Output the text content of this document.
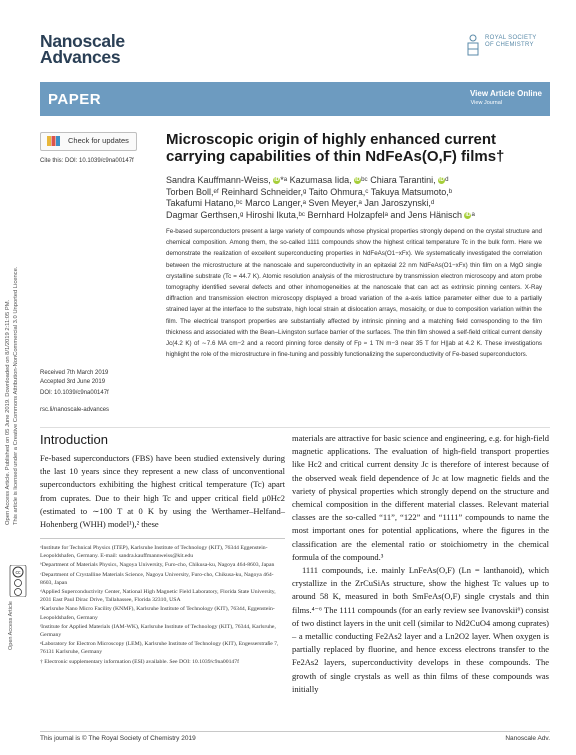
Nanoscale
Advances
ROYAL SOCIETY
OF CHEMISTRY
PAPER	View Article Online
View Journal
Check for updates
Cite this: DOI: 10.1039/c9na00147f
Microscopic origin of highly enhanced current carrying capabilities of thin NdFeAs(O,F) films†
Sandra Kauffmann-Weiss, iD*ᵃ Kazumasa Iida, iDᵇᶜ Chiara Tarantini, iDᵈ
Torben Boll,ᵉᶠ Reinhard Schneider,ᵍ Taito Ohmura,ᶜ Takuya Matsumoto,ᵇ
Takafumi Hatano,ᵇᶜ Marco Langer,ᵃ Sven Meyer,ᵃ Jan Jaroszynski,ᵈ
Dagmar Gerthsen,ᵍ Hiroshi Ikuta,ᵇᶜ Bernhard Holzapfelᵃ and Jens Hänisch iDᵃ
Fe-based superconductors present a large variety of compounds whose physical properties strongly depend on the crystal structure and chemical composition. Among them, the so-called 1111 compounds show the highest critical temperature Tc in the bulk form. Here we demonstrate the realization of excellent superconducting properties in NdFeAs(O1−xFx). We systematically investigated the correlation between the microstructure at the nanoscale and superconductivity in an epitaxial 22 nm NdFeAs(O1−xFx) thin film on a MgO single crystalline substrate (Tc = 44.7 K). Atomic resolution analysis of the microstructure by transmission electron microscopy and atom probe tomography identified several defects and other inhomogeneities at the nanoscale that can act as extrinsic pinning centers. X-Ray diffraction and transmission electron microscopy displayed a broad variation of the a-axis lattice parameter either due to a partially strained layer at the interface to the substrate, high local strain at dislocation arrays, mosaicity, or due to composition variation within the film. The electrical transport properties are substantially affected by intrinsic pinning and a matching field corresponding to the film thickness and associated with the Bean–Livingston surface barrier of the surfaces. The thin film showed a self-field critical current density Jc(4.2 K) of ∼7.6 MA cm−2 and a record pinning force density of Fp ≈ 1 TN m−3 near 35 T for H||ab at 4.2 K. These investigations highlight the role of the microstructure in fine-tuning and possibly functionalizing the superconductivity of Fe-based superconductors.
Received 7th March 2019
Accepted 3rd June 2019
DOI: 10.1039/c9na00147f
rsc.li/nanoscale-advances
Open Access Article. Published on 05 June 2019. Downloaded on 8/1/2019 2:11:05 PM. This article is licensed under a Creative Commons Attribution-NonCommercial 3.0 Unported Licence.
cc
Open Access Article
Introduction
Fe-based superconductors (FBS) have been studied extensively during the last 10 years since they represent a new class of unconventional superconductors exhibiting the highest critical temperature (Tc) apart from cuprates. Due to their high Tc and upper critical field μ0Hc2 (estimated to ∼100 T at 0 K by using the Werthamer–Helfand–Hohenberg (WHH) model¹),² these

materials are attractive for basic science and engineering, e.g. for high-field magnetic applications. The evaluation of high-field transport properties like Hc2 and critical current density Jc is therefore of interest because of the observed weak field dependence of Jc at low magnetic fields and the variety of physical properties which strongly depend on the structure and chemical composition in the different material classes. Relevant material classes are the so-called “11”, “122” and “1111” compounds to name the most important ones for potential applications, where the figures in the classification are the elemental ratio or stoichiometry in the chemical formula of the compound.³

1111 compounds, i.e. mainly LnFeAs(O,F) (Ln = lanthanoid), which crystallize in the ZrCuSiAs structure, show the highest Tc values up to around 58 K, measured in both SmFeAs(O,F) single crystals and thin films.⁴⁻⁶ The 1111 compounds (for an early review see Ivanovskii⁶) consist of two distinct layers in the unit cell (similar to Nd2CuO4 among cuprates) – a metallic conducting Fe2As2 layer and a Ln2O2 layer. When oxygen is partially replaced by fluorine, and hence excess electrons transfer to the Fe2As2 layers, superconductivity develops in these compounds. The growth of single crystals as well as thin films of these compounds was initially

ᵃInstitute for Technical Physics (ITEP), Karlsruhe Institute of Technology (KIT), 76344 Eggenstein-Leopoldshafen, Germany. E-mail: sandra.kauffmannweiss@kit.edu

ᵇDepartment of Materials Physics, Nagoya University, Furo-cho, Chikusa-ku, Nagoya 464-8603, Japan

ᶜDepartment of Crystalline Materials Science, Nagoya University, Furo-cho, Chikusa-ku, Nagoya 464-8603, Japan

ᵈApplied Superconductivity Center, National High Magnetic Field Laboratory, Florida State University, 2031 East Paul Dirac Drive, Tallahassee, Florida 32310, USA

ᵉKarlsruhe Nano Micro Facility (KNMF), Karlsruhe Institute of Technology (KIT), 76344, Eggenstein-Leopoldshafen, Germany

ᶠInstitute for Applied Materials (IAM-WK), Karlsruhe Institute of Technology (KIT), 76344, Karlsruhe, Germany

ᵍLaboratory for Electron Microscopy (LEM), Karlsruhe Institute of Technology (KIT), Engesserstraße 7, 76131 Karlsruhe, Germany

† Electronic supplementary information (ESI) available. See DOI: 10.1039/c9na00147f

This journal is © The Royal Society of Chemistry 2019	Nanoscale Adv.
